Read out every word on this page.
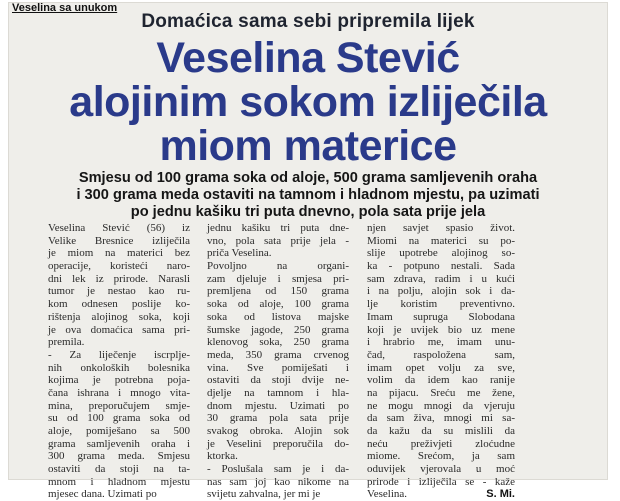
Veselina sa unukom
Domaćica sama sebi pripremila lijek
Veselina Stević
alojinim sokom izliječila
miom materice
Smjesu od 100 grama soka od aloje, 500 grama samljevenih oraha
i 300 grama meda ostaviti na tamnom i hladnom mjestu, pa uzimati
po jednu kašiku tri puta dnevno, pola sata prije jela
Veselina Stević (56) iz
Velike Bresnice izliječila
je miom na materici bez
operacije, koristeći naro-
dni lek iz prirode. Narasli
tumor je nestao kao ru-
kom odnesen poslije ko-
rištenja alojinog soka, koji
je ova domaćica sama pri-
premila.
- Za liječenje iscrplje-
nih onkoloških bolesnika
kojima je potrebna poja-
čana ishrana i mnogo vita-
mina, preporučujem smje-
su od 100 grama soka od
aloje, pomiješano sa 500
grama samljevenih oraha i
300 grama meda. Smjesu
ostaviti da stoji na ta-
mnom i hladnom mjestu
mjesec dana. Uzimati po
jednu kašiku tri puta dne-
vno, pola sata prije jela -
priča Veselina.
Povoljno na organi-
zam djeluje i smjesa pri-
premljena od 150 grama
soka od aloje, 100 grama
soka od listova majske
šumske jagode, 250 grama
klenovog soka, 250 grama
meda, 350 grama crvenog
vina. Sve pomiješati i
ostaviti da stoji dvije ne-
djelje na tamnom i hla-
dnom mjestu. Uzimati po
30 grama pola sata prije
svakog obroka. Alojin sok
je Veselini preporučila do-
ktorka.
- Poslušala sam je i da-
nas sam joj kao nikome na
svijetu zahvalna, jer mi je
njen savjet spasio život.
Miomi na materici su po-
slije upotrebe alojinog so-
ka - potpuno nestali. Sada
sam zdrava, radim i u kući
i na polju, alojin sok i da-
lje koristim preventivno.
Imam supruga Slobodana
koji je uvijek bio uz mene
i hrabrio me, imam unu-
čad, raspoložena sam,
imam opet volju za sve,
volim da idem kao ranije
na pijacu. Sreću me žene,
ne mogu mnogi da vjeruju
da sam živa, mnogi mi sa-
da kažu da su mislili da
neću preživjeti zloćudne
miome. Srećom, ja sam
oduvijek vjerovala u moć
prirode i izliječila se - kaže
Veselina.	S. Mi.
